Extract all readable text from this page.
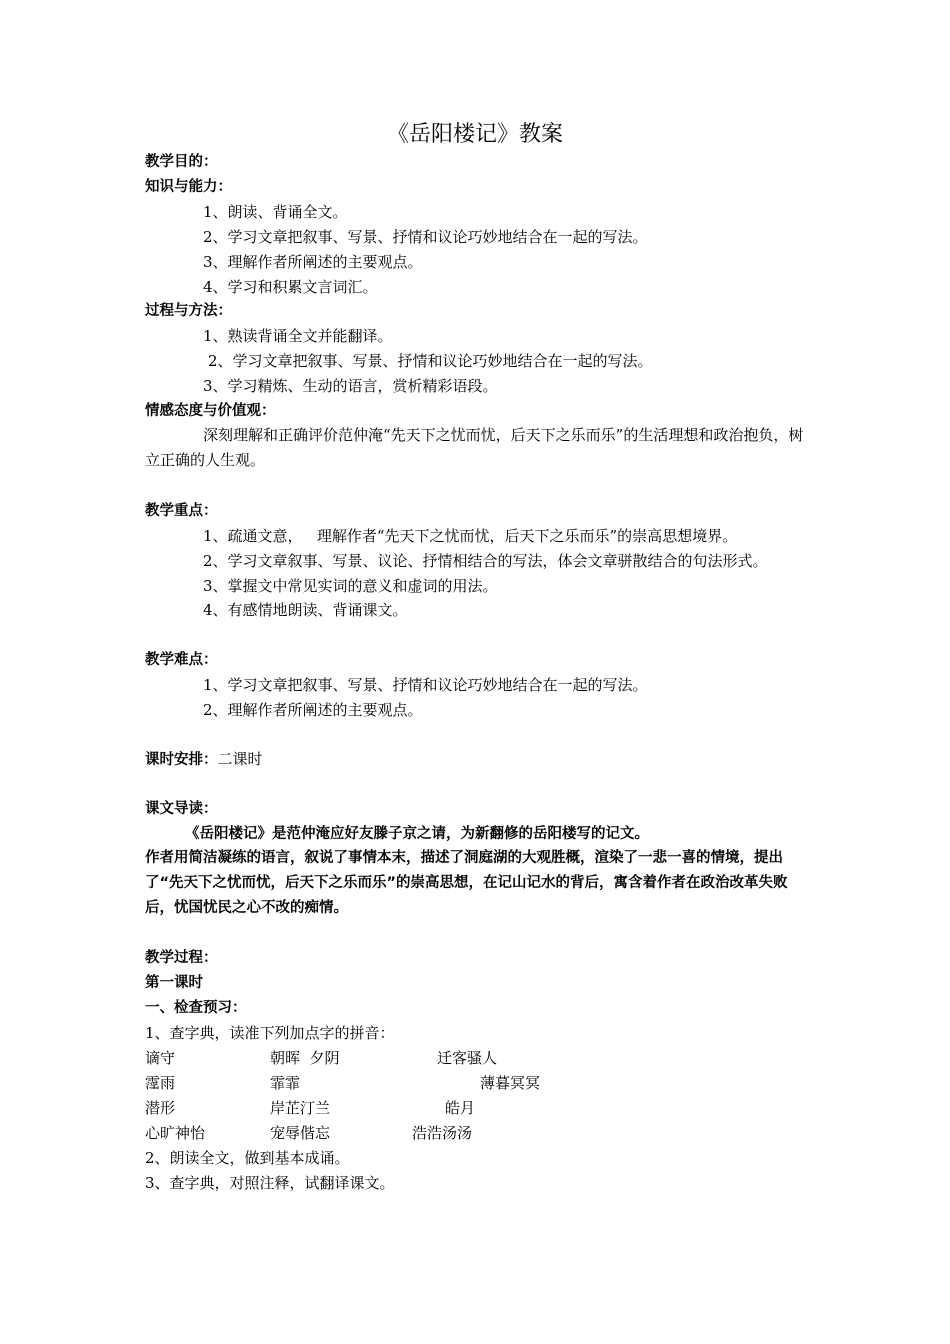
《岳阳楼记》教案
教学目的：
知识与能力：
1、朗读、背诵全文。
2、学习文章把叙事、写景、抒情和议论巧妙地结合在一起的写法。
3、理解作者所阐述的主要观点。
4、学习和积累文言词汇。
过程与方法：
1、熟读背诵全文并能翻译。
2、学习文章把叙事、写景、抒情和议论巧妙地结合在一起的写法。
3、学习精炼、生动的语言，赏析精彩语段。
情感态度与价值观：
深刻理解和正确评价范仲淹“先天下之忧而忧，后天下之乐而乐”的生活理想和政治抱负，树立正确的人生观。
教学重点：
1、疏通文意，   理解作者“先天下之忧而忧，后天下之乐而乐”的崇高思想境界。
2、学习文章叙事、写景、议论、抒情相结合的写法，体会文章骈散结合的句法形式。
3、掌握文中常见实词的意义和虚词的用法。
4、有感情地朗读、背诵课文。
教学难点：
1、学习文章把叙事、写景、抒情和议论巧妙地结合在一起的写法。
2、理解作者所阐述的主要观点。
课时安排：二课时
课文导读：
《岳阳楼记》是范仲淹应好友滕子京之请，为新翻修的岳阳楼写的记文。
作者用简洁凝练的语言，叙说了事情本末，描述了洞庭湖的大观胜概，渲染了一悲一喜的情境，提出了“先天下之忧而忧，后天下之乐而乐”的崇高思想，在记山记水的背后，寓含着作者在政治改革失败后，忧国忧民之心不改的痴情。
教学过程：
第一课时
一、检查预习：
1、查字典，读准下列加点字的拼音：
谪守	朝晖  夕阴	迁客骚人
霪雨	霏霏	薄暮冥冥
潜形	岸芷汀兰	皓月
心旷神怡	宠辱偕忘	浩浩汤汤
2、朗读全文，做到基本成诵。
3、查字典，对照注释，试翻译课文。
